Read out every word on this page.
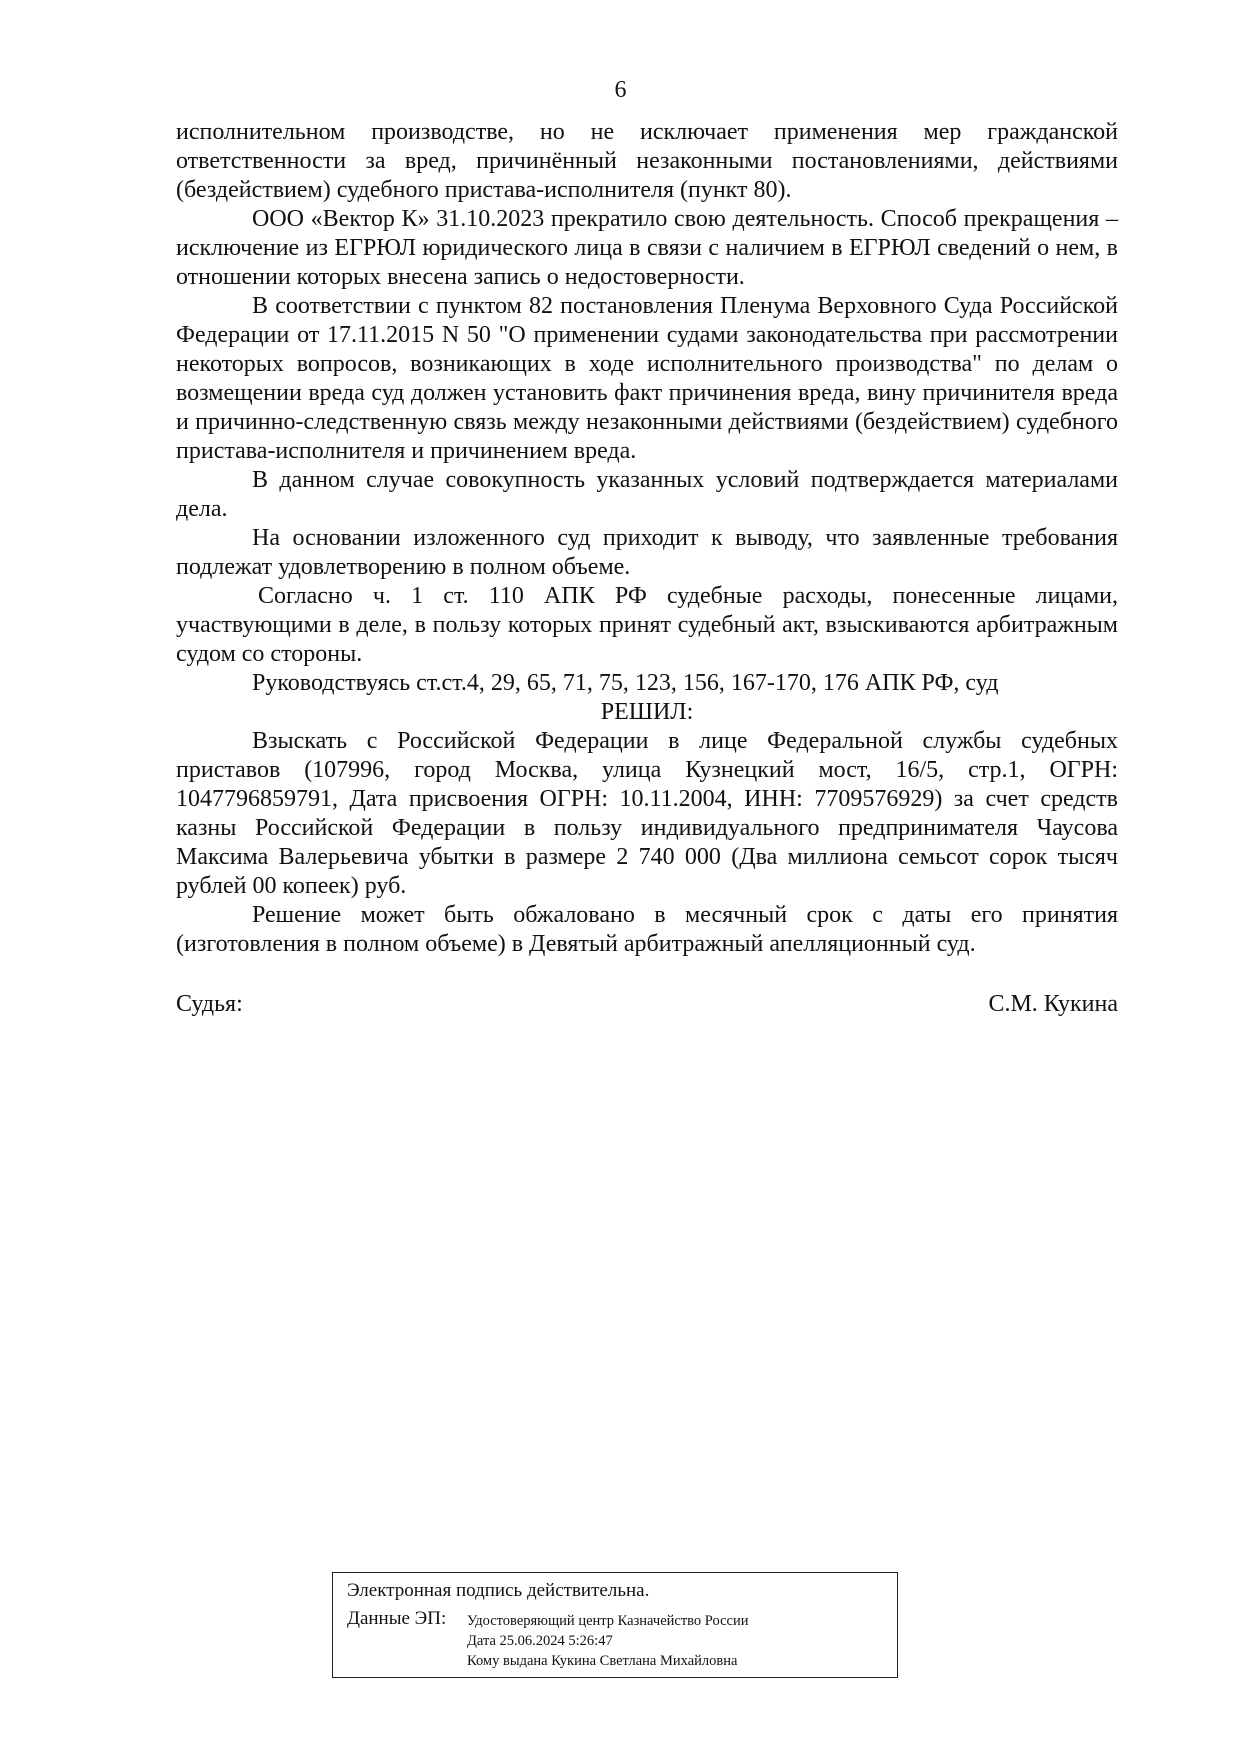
6

исполнительном производстве, но не исключает применения мер гражданской ответственности за вред, причинённый незаконными постановлениями, действиями (бездействием) судебного пристава-исполнителя (пункт 80).

ООО «Вектор К» 31.10.2023 прекратило свою деятельность. Способ прекращения – исключение из ЕГРЮЛ юридического лица в связи с наличием в ЕГРЮЛ сведений о нем, в отношении которых внесена запись о недостоверности.

В соответствии с пунктом 82 постановления Пленума Верховного Суда Российской Федерации от 17.11.2015 N 50 "О применении судами законодательства при рассмотрении некоторых вопросов, возникающих в ходе исполнительного производства" по делам о возмещении вреда суд должен установить факт причинения вреда, вину причинителя вреда и причинно-следственную связь между незаконными действиями (бездействием) судебного пристава-исполнителя и причинением вреда.

В данном случае совокупность указанных условий подтверждается материалами дела.

На основании изложенного суд приходит к выводу, что заявленные требования подлежат удовлетворению в полном объеме.

Согласно ч. 1 ст. 110 АПК РФ судебные расходы, понесенные лицами, участвующими в деле, в пользу которых принят судебный акт, взыскиваются арбитражным судом со стороны.

Руководствуясь ст.ст.4, 29, 65, 71, 75, 123, 156, 167-170, 176 АПК РФ, суд

РЕШИЛ:

Взыскать с Российской Федерации в лице Федеральной службы судебных приставов (107996, город Москва, улица Кузнецкий мост, 16/5, стр.1, ОГРН: 1047796859791, Дата присвоения ОГРН: 10.11.2004, ИНН: 7709576929) за счет средств казны Российской Федерации в пользу индивидуального предпринимателя Чаусова Максима Валерьевича убытки в размере 2 740 000 (Два миллиона семьсот сорок тысяч рублей 00 копеек) руб.

Решение может быть обжаловано в месячный срок с даты его принятия (изготовления в полном объеме) в Девятый арбитражный апелляционный суд.

Судья:	С.М. Кукина
Электронная подпись действительна.
Данные ЭП: Удостоверяющий центр Казначейство России
Дата 25.06.2024 5:26:47
Кому выдана Кукина Светлана Михайловна
